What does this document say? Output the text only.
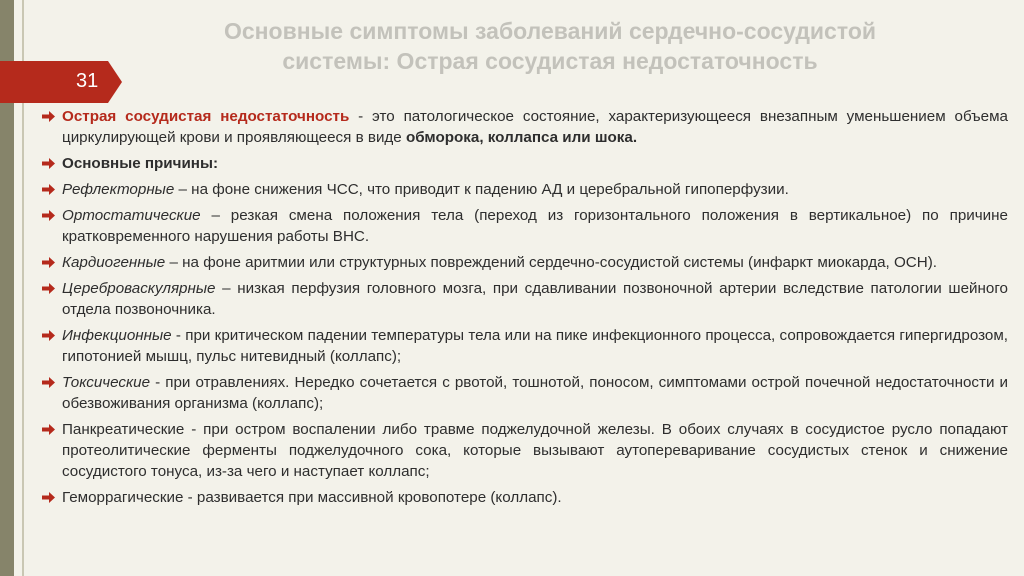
Основные симптомы заболеваний сердечно-сосудистой
системы: Острая сосудистая недостаточность
31
Острая сосудистая недостаточность - это патологическое состояние, характеризующееся внезапным уменьшением объема циркулирующей крови и проявляющееся в виде обморока, коллапса или шока.
Основные причины:
Рефлекторные – на фоне снижения ЧСС, что приводит к падению АД и церебральной гипоперфузии.
Ортостатические – резкая смена положения тела (переход из горизонтального положения в вертикальное) по причине кратковременного нарушения работы ВНС.
Кардиогенные – на фоне аритмии или структурных повреждений сердечно-сосудистой системы (инфаркт миокарда, ОСН).
Цереброваскулярные – низкая перфузия головного мозга, при сдавливании позвоночной артерии вследствие патологии шейного отдела позвоночника.
Инфекционные - при критическом падении температуры тела или на пике инфекционного процесса, сопровождается гипергидрозом, гипотонией мышц, пульс нитевидный (коллапс);
Токсические - при отравлениях. Нередко сочетается с рвотой, тошнотой, поносом, симптомами острой почечной недостаточности и обезвоживания организма (коллапс);
Панкреатические - при остром воспалении либо травме поджелудочной железы. В обоих случаях в сосудистое русло попадают протеолитические ферменты поджелудочного сока, которые вызывают аутопереваривание сосудистых стенок и снижение сосудистого тонуса, из-за чего и наступает коллапс;
Геморрагические - развивается при массивной кровопотере (коллапс).
